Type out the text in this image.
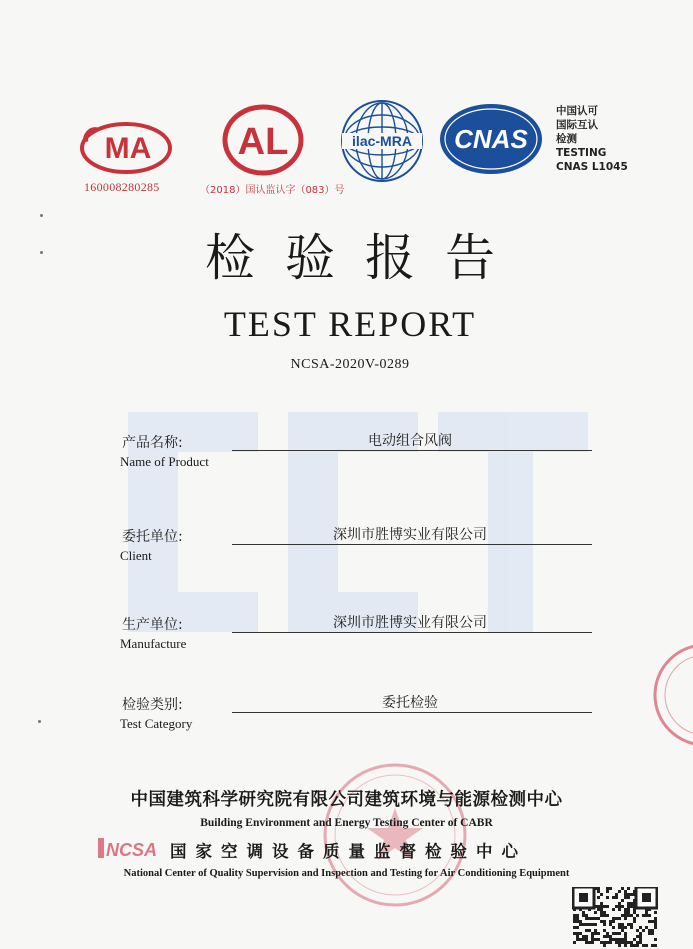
MA
160008280285
AL
（2018）国认监认字（083）号
ilac-MRA CNAS
中国认可
国际互认
检测
TESTING
CNAS L1045
检验报告
TEST REPORT
NCSA-2020V-0289
产品名称:
Name of Product
电动组合风阀
委托单位:
Client
深圳市胜博实业有限公司
生产单位:
Manufacture
深圳市胜博实业有限公司
检验类别:
Test Category
委托检验
中国建筑科学研究院有限公司建筑环境与能源检测中心
Building Environment and Energy Testing Center of CABR
NCSA 国家空调设备质量监督检验中心
National Center of Quality Supervision and Inspection and Testing for Air Conditioning Equipment
